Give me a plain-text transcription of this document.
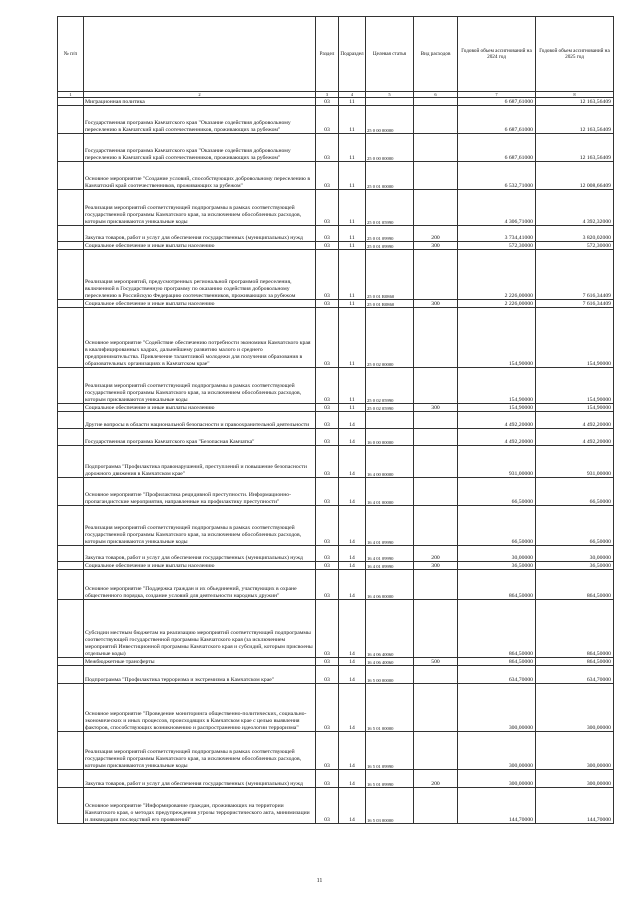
№ п/п		Раздел	Подраздел	Целевая статья	Вид расходов	Годовой объем ассигнований на 2024 год	Годовой объем ассигнований на 2025 год
1	2	3	4	5	6	7	8
	Миграционная политика	03	11			6 687,61000	12 163,56409
	Государственная программа Камчатского края "Оказание содействия добровольному переселению в Камчатский край соотечественников, проживающих за рубежом"	03	11	25 0 00 00000		6 687,61000	12 163,56409
	Государственная программа Камчатского края "Оказание содействия добровольному переселению в Камчатский край соотечественников, проживающих за рубежом"	03	11	25 0 00 00000		6 687,61000	12 163,56409
	Основное мероприятие "Создание условий, способствующих добровольному переселению в Камчатский край соотечественников, проживающих за рубежом"	03	11	25 0 01 00000		6 532,71000	12 008,66409
	Реализация мероприятий соответствующей подпрограммы в рамках соответствующей государственной программы Камчатского края, за исключением обособленных расходов, которым присваиваются уникальные коды	03	11	25 0 01 05990		4 306,71000	4 392,32000
	Закупка товаров, работ и услуг для обеспечения государственных (муниципальных) нужд	03	11	25 0 01 09990	200	3 734,41000	3 820,02000
	Социальное обеспечение и иные выплаты населению	03	11	25 0 01 09990	300	572,30000	572,30000
	Реализация мероприятий, предусмотренных региональной программой переселения, включенной в Государственную программу по оказанию содействия добровольному переселению в Российскую Федерацию соотечественников, проживающих за рубежом	03	11	25 0 01 R0860		2 226,00000	7 616,34409
	Социальное обеспечение и иные выплаты населению	03	11	25 0 01 R0860	300	2 226,00000	7 616,34409
	Основное мероприятие "Содействие обеспечению потребности экономики Камчатского края в квалифицированных кадрах, дальнейшему развитию малого и среднего предпринимательства. Привлечение талантливой молодежи для получения образования в образовательных организациях в Камчатском крае"	03	11	25 0 02 00000		154,90000	154,90000
	Реализация мероприятий соответствующей подпрограммы в рамках соответствующей государственной программы Камчатского края, за исключением обособленных расходов, которым присваиваются уникальные коды	03	11	25 0 02 05990		154,90000	154,90000
	Социальное обеспечение и иные выплаты населению	03	11	25 0 02 05990	300	154,90000	154,90000
	Другие вопросы в области национальной безопасности и правоохранительной деятельности	03	14			4 492,20000	4 492,20000
	Государственная программа Камчатского края "Безопасная Камчатка"	03	14	16 0 00 00000		4 492,20000	4 492,20000
	Подпрограмма "Профилактика правонарушений, преступлений и повышение безопасности дорожного движения в Камчатском крае"	03	14	16 4 00 00000		931,00000	931,00000
	Основное мероприятие "Профилактика рецидивной преступности. Информационно-пропагандистские мероприятия, направленные на профилактику преступности"	03	14	16 4 01 00000		66,50000	66,50000
	Реализация мероприятий соответствующей подпрограммы в рамках соответствующей государственной программы Камчатского края, за исключением обособленных расходов, которым присваиваются уникальные коды	03	14	16 4 01 09990		66,50000	66,50000
	Закупка товаров, работ и услуг для обеспечения государственных (муниципальных) нужд	03	14	16 4 01 09990	200	30,00000	30,00000
	Социальное обеспечение и иные выплаты населению	03	14	16 4 01 09990	300	36,50000	36,50000
	Основное мероприятие "Поддержка граждан и их объединений, участвующих в охране общественного порядка, создание условий для деятельности народных дружин"	03	14	16 4 06 00000		864,50000	864,50000
	Субсидии местным бюджетам на реализацию мероприятий соответствующей подпрограммы соответствующей государственной программы Камчатского края (за исключением мероприятий Инвестиционной программы Камчатского края и субсидий, которым присвоены отдельные коды)	03	14	16 4 06 40060		864,50000	864,50000
	Межбюджетные трансферты	03	14	16 4 06 40060	500	864,50000	864,50000
	Подпрограмма "Профилактика терроризма и экстремизма в Камчатском крае"	03	14	16 5 00 00000		634,70000	634,70000
	Основное мероприятие "Проведение мониторинга общественно-политических, социально-экономических и иных процессов, происходящих в Камчатском крае с целью выявления факторов, способствующих возникновению и распространению идеологии терроризма"	03	14	16 5 01 00000		300,00000	300,00000
	Реализация мероприятий соответствующей подпрограммы в рамках соответствующей государственной программы Камчатского края, за исключением обособленных расходов, которым присваиваются уникальные коды	03	14	16 5 01 09990		300,00000	300,00000
	Закупка товаров, работ и услуг для обеспечения государственных (муниципальных) нужд	03	14	16 5 01 09990	200	300,00000	300,00000
	Основное мероприятие "Информирование граждан, проживающих на территории Камчатского края, о методах предупреждения угрозы террористического акта, минимизации и ликвидации последствий его проявлений"	03	14	16 5 03 00000		144,70000	144,70000
11
